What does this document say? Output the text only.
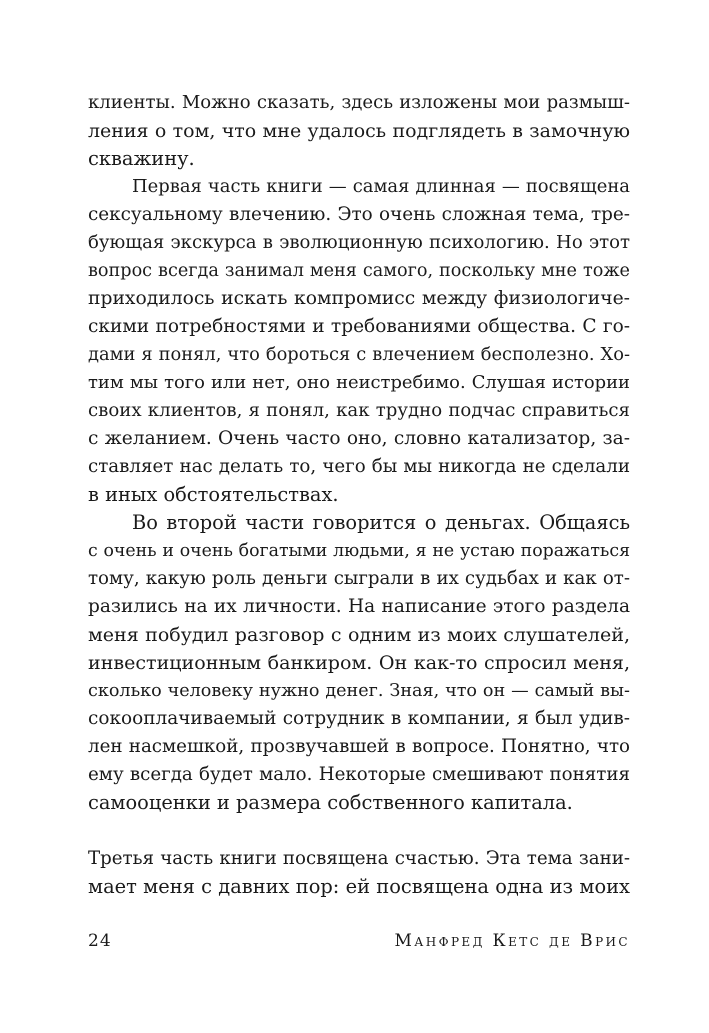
клиенты. Можно сказать, здесь изложены мои размыш-
ления о том, что мне удалось подглядеть в замочную
скважину.
Первая часть книги — самая длинная — посвящена
сексуальному влечению. Это очень сложная тема, тре-
бующая экскурса в эволюционную психологию. Но этот
вопрос всегда занимал меня самого, поскольку мне тоже
приходилось искать компромисс между физиологиче-
скими потребностями и требованиями общества. С го-
дами я понял, что бороться с влечением бесполезно. Хо-
тим мы того или нет, оно неистребимо. Слушая истории
своих клиентов, я понял, как трудно подчас справиться
с желанием. Очень часто оно, словно катализатор, за-
ставляет нас делать то, чего бы мы никогда не сделали
в иных обстоятельствах.
Во второй части говорится о деньгах. Общаясь
с очень и очень богатыми людьми, я не устаю поражаться
тому, какую роль деньги сыграли в их судьбах и как от-
разились на их личности. На написание этого раздела
меня побудил разговор с одним из моих слушателей,
инвестиционным банкиром. Он как-то спросил меня,
сколько человеку нужно денег. Зная, что он — самый вы-
сокооплачиваемый сотрудник в компании, я был удив-
лен насмешкой, прозвучавшей в вопросе. Понятно, что
ему всегда будет мало. Некоторые смешивают понятия
самооценки и размера собственного капитала.
Третья часть книги посвящена счастью. Эта тема зани-
мает меня с давних пор: ей посвящена одна из моих
24	Манфред Кетс де Врис
